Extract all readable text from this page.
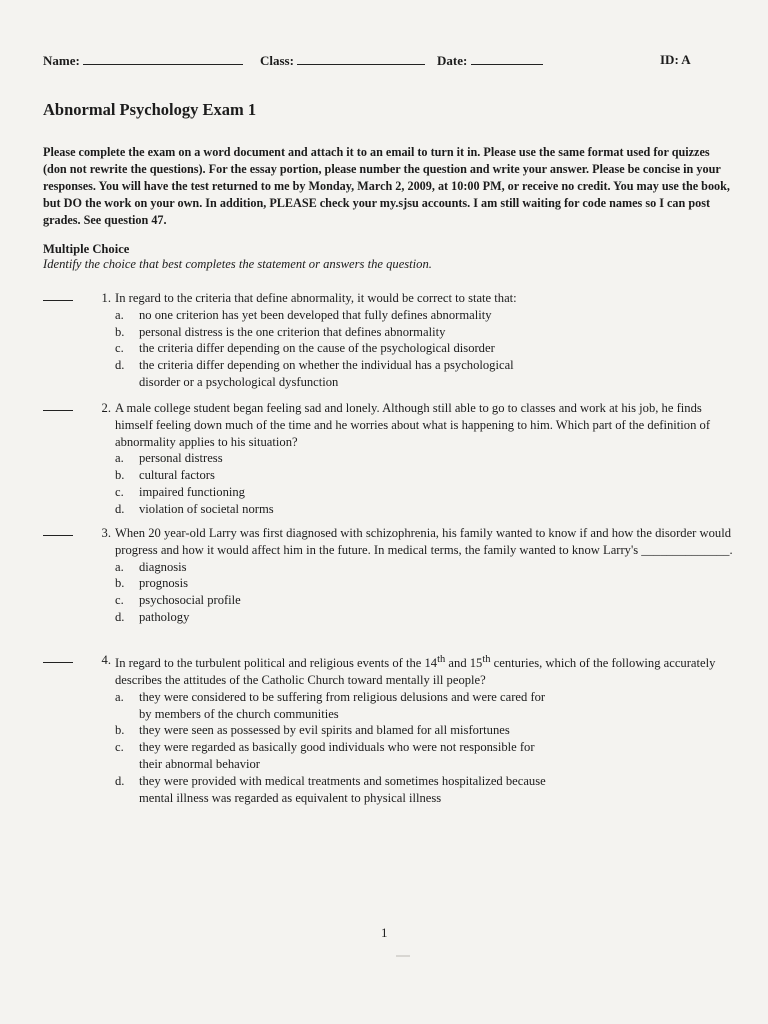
Name:	Class:	Date:	ID: A
Abnormal Psychology Exam 1
Please complete the exam on a word document and attach it to an email to turn it in. Please use the same format used for quizzes (don not rewrite the questions). For the essay portion, please number the question and write your answer. Please be concise in your responses. You will have the test returned to me by Monday, March 2, 2009, at 10:00 PM, or receive no credit. You may use the book, but DO the work on your own. In addition, PLEASE check your my.sjsu accounts. I am still waiting for code names so I can post grades. See question 47.
Multiple Choice
Identify the choice that best completes the statement or answers the question.
1. In regard to the criteria that define abnormality, it would be correct to state that:
a. no one criterion has yet been developed that fully defines abnormality
b. personal distress is the one criterion that defines abnormality
c. the criteria differ depending on the cause of the psychological disorder
d. the criteria differ depending on whether the individual has a psychological disorder or a psychological dysfunction
2. A male college student began feeling sad and lonely. Although still able to go to classes and work at his job, he finds himself feeling down much of the time and he worries about what is happening to him. Which part of the definition of abnormality applies to his situation?
a. personal distress
b. cultural factors
c. impaired functioning
d. violation of societal norms
3. When 20 year-old Larry was first diagnosed with schizophrenia, his family wanted to know if and how the disorder would progress and how it would affect him in the future. In medical terms, the family wanted to know Larry's ______________.
a. diagnosis
b. prognosis
c. psychosocial profile
d. pathology
4. In regard to the turbulent political and religious events of the 14th and 15th centuries, which of the following accurately describes the attitudes of the Catholic Church toward mentally ill people?
a. they were considered to be suffering from religious delusions and were cared for by members of the church communities
b. they were seen as possessed by evil spirits and blamed for all misfortunes
c. they were regarded as basically good individuals who were not responsible for their abnormal behavior
d. they were provided with medical treatments and sometimes hospitalized because mental illness was regarded as equivalent to physical illness
1
